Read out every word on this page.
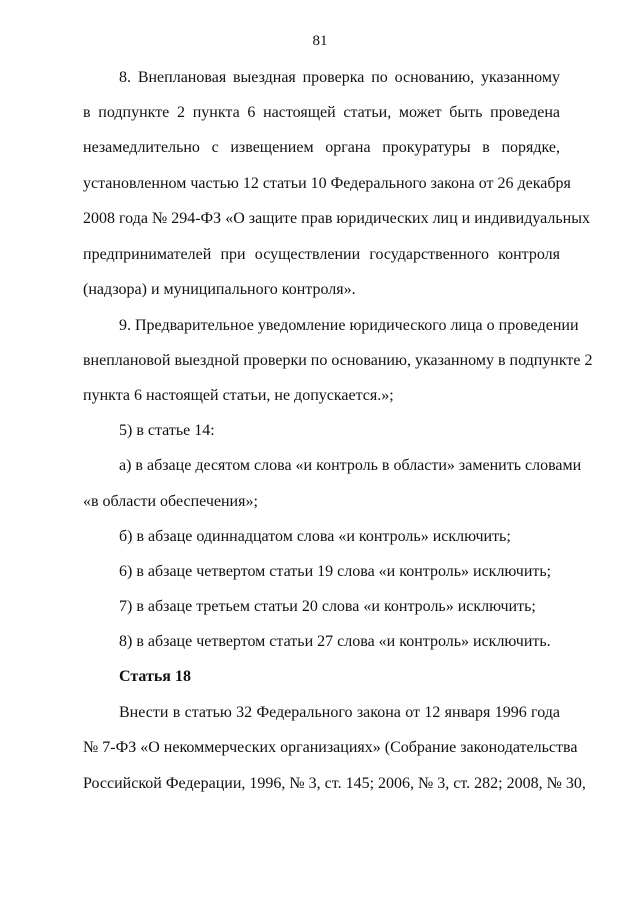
81
8. Внеплановая выездная проверка по основанию, указанному
в подпункте 2 пункта 6 настоящей статьи, может быть проведена
незамедлительно с извещением органа прокуратуры в порядке,
установленном частью 12 статьи 10 Федерального закона от 26 декабря
2008 года № 294-ФЗ «О защите прав юридических лиц и индивидуальных
предпринимателей при осуществлении государственного контроля
(надзора) и муниципального контроля».
9. Предварительное уведомление юридического лица о проведении
внеплановой выездной проверки по основанию, указанному в подпункте 2
пункта 6 настоящей статьи, не допускается.»;
5) в статье 14:
а) в абзаце десятом слова «и контроль в области» заменить словами
«в области обеспечения»;
б) в абзаце одиннадцатом слова «и контроль» исключить;
6) в абзаце четвертом статьи 19 слова «и контроль» исключить;
7) в абзаце третьем статьи 20 слова «и контроль» исключить;
8) в абзаце четвертом статьи 27 слова «и контроль» исключить.
Статья 18
Внести в статью 32 Федерального закона от 12 января 1996 года
№ 7-ФЗ «О некоммерческих организациях» (Собрание законодательства
Российской Федерации, 1996, № 3, ст. 145; 2006, № 3, ст. 282; 2008, № 30,
